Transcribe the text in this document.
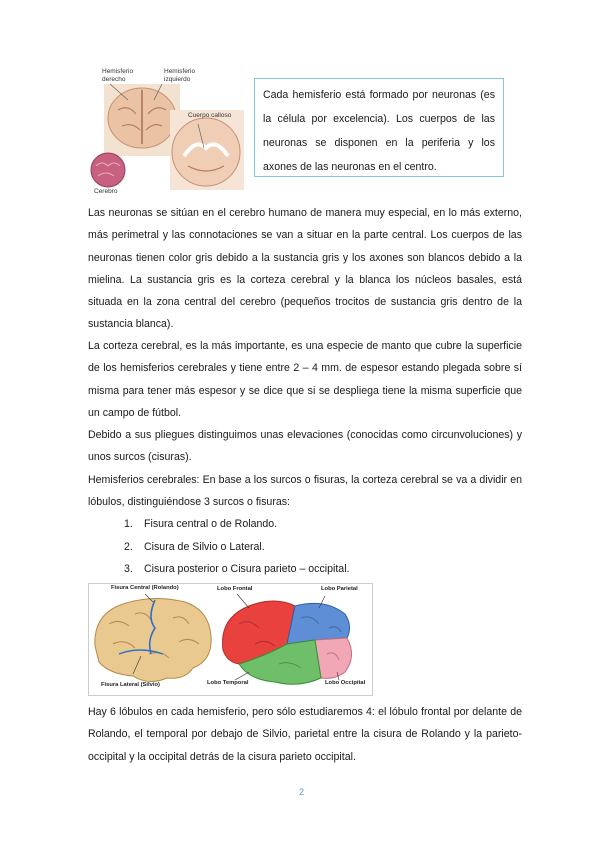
Hemisferio
derecho
Hemisferio
izquierdo
Cuerpo calloso
Cerebro
Cada hemisferio está formado por neuronas (es la célula por excelencia). Los cuerpos de las neuronas se disponen en la periferia y los axones de las neuronas en el centro.

Las neuronas se sitúan en el cerebro humano de manera muy especial, en lo más externo, más perimetral y las connotaciones se van a situar en la parte central. Los cuerpos de las neuronas tienen color gris debido a la sustancia gris y los axones son blancos debido a la mielina. La sustancia gris es la corteza cerebral y la blanca los núcleos basales, está situada en la zona central del cerebro (pequeños trocitos de sustancia gris dentro de la sustancia blanca).

La corteza cerebral, es la más importante, es una especie de manto que cubre la superficie de los hemisferios cerebrales y tiene entre 2 – 4 mm. de espesor estando plegada sobre sí misma para tener más espesor y se dice que si se despliega tiene la misma superficie que un campo de fútbol.

Debido a sus pliegues distinguimos unas elevaciones (conocidas como circunvoluciones) y unos surcos (cisuras).

Hemisferios cerebrales: En base a los surcos o fisuras, la corteza cerebral se va a dividir en lóbulos, distinguiéndose 3 surcos o fisuras:

1. Fisura central o de Rolando.
2. Cisura de Silvio o Lateral.
3. Cisura posterior o Cisura parieto – occipital.
Fisura Central (Rolando)
Fisura Lateral (Silvio)
Lobo Frontal	Lobo Parietal
Lobo Temporal	Lobo Occipital

Hay 6 lóbulos en cada hemisferio, pero sólo estudiaremos 4: el lóbulo frontal por delante de Rolando, el temporal por debajo de Silvio, parietal entre la cisura de Rolando y la parieto-occipital y la occipital detrás de la cisura parieto occipital.

2
